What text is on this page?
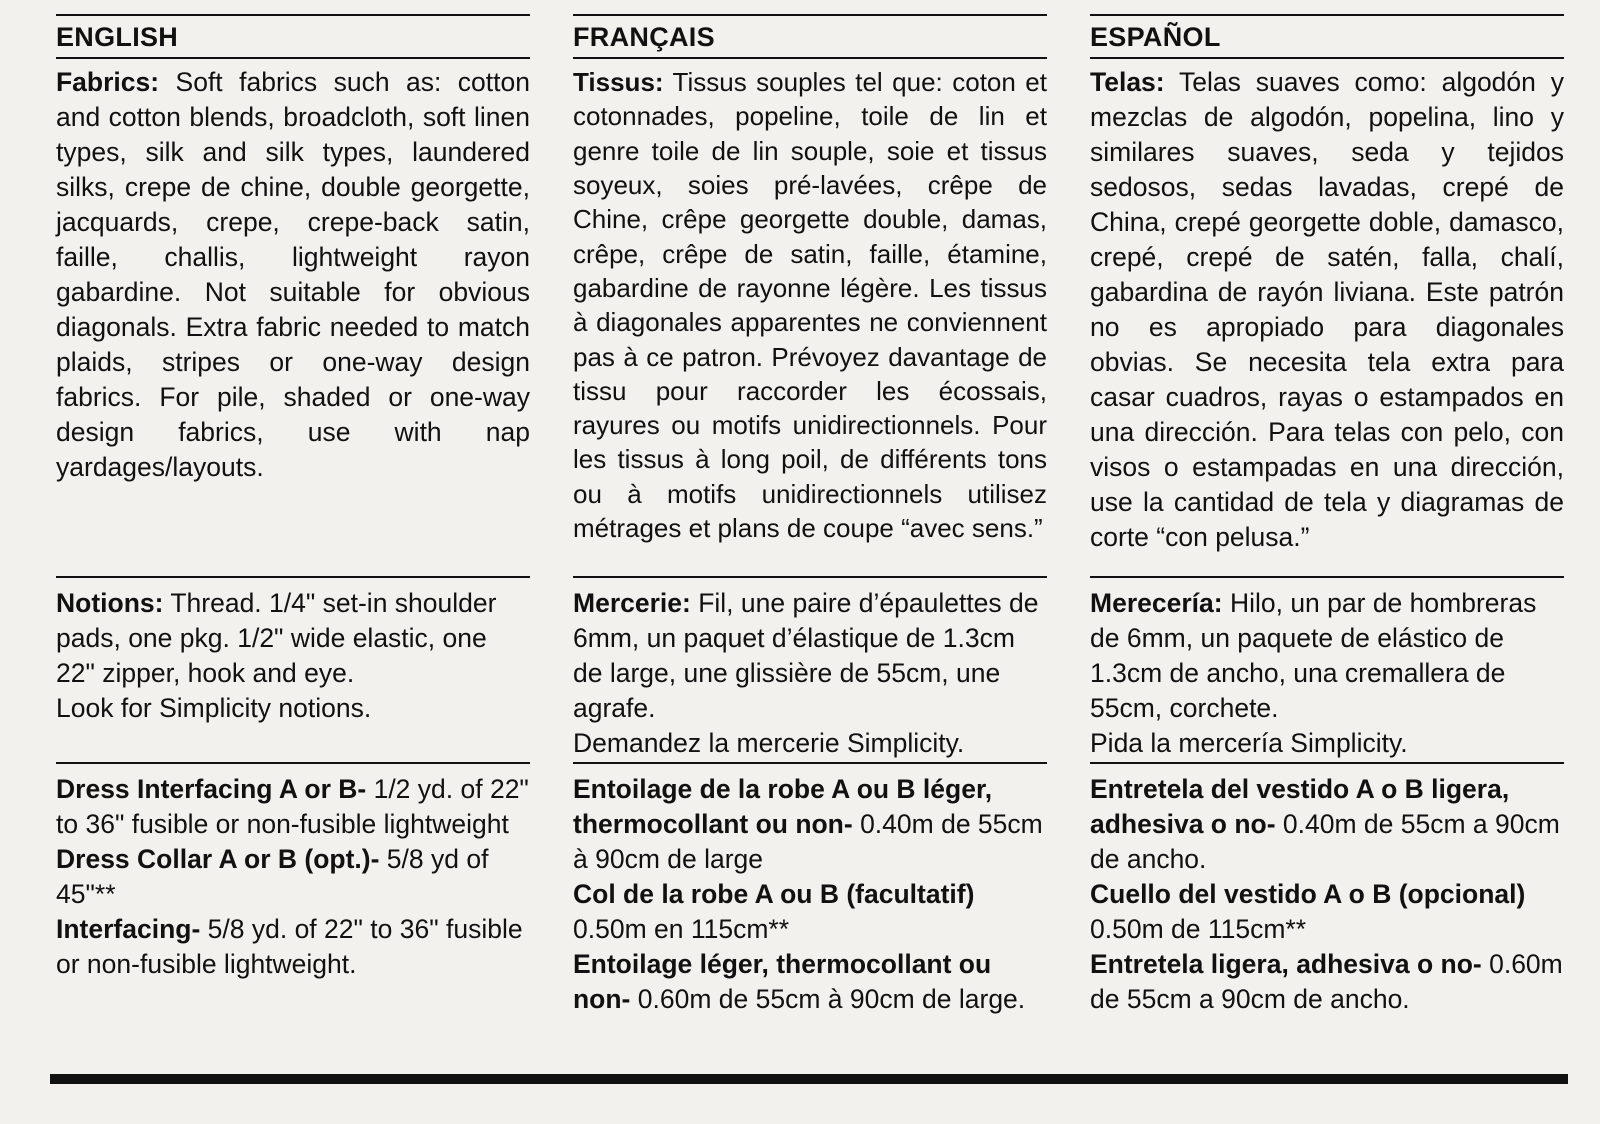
ENGLISH
Fabrics: Soft fabrics such as: cotton and cotton blends, broadcloth, soft linen types, silk and silk types, laundered silks, crepe de chine, double georgette, jacquards, crepe, crepe-back satin, faille, challis, lightweight rayon gabardine. Not suitable for obvious diagonals. Extra fabric needed to match plaids, stripes or one-way design fabrics. For pile, shaded or one-way design fabrics, use with nap yardages/layouts.
Notions: Thread. 1/4" set-in shoulder pads, one pkg. 1/2" wide elastic, one 22" zipper, hook and eye.
Look for Simplicity notions.
Dress Interfacing A or B- 1/2 yd. of 22" to 36" fusible or non-fusible lightweight
Dress Collar A or B (opt.)- 5/8 yd of 45"**
Interfacing- 5/8 yd. of 22" to 36" fusible or non-fusible lightweight.
FRANÇAIS
Tissus: Tissus souples tel que: coton et cotonnades, popeline, toile de lin et genre toile de lin souple, soie et tissus soyeux, soies pré-lavées, crêpe de Chine, crêpe georgette double, damas, crêpe, crêpe de satin, faille, étamine, gabardine de rayonne légère. Les tissus à diagonales apparentes ne conviennent pas à ce patron. Prévoyez davantage de tissu pour raccorder les écossais, rayures ou motifs unidirectionnels. Pour les tissus à long poil, de différents tons ou à motifs unidirectionnels utilisez métrages et plans de coupe “avec sens.”
Mercerie: Fil, une paire d’épaulettes de 6mm, un paquet d’élastique de 1.3cm de large, une glissière de 55cm, une agrafe.
Demandez la mercerie Simplicity.
Entoilage de la robe A ou B léger, thermocollant ou non- 0.40m de 55cm à 90cm de large
Col de la robe A ou B (facultatif)
0.50m en 115cm**
Entoilage léger, thermocollant ou non- 0.60m de 55cm à 90cm de large.
ESPAÑOL
Telas: Telas suaves como: algodón y mezclas de algodón, popelina, lino y similares suaves, seda y tejidos sedosos, sedas lavadas, crepé de China, crepé georgette doble, damasco, crepé, crepé de satén, falla, chalí, gabardina de rayón liviana. Este patrón no es apropiado para diagonales obvias. Se necesita tela extra para casar cuadros, rayas o estampados en una dirección. Para telas con pelo, con visos o estampadas en una dirección, use la cantidad de tela y diagramas de corte “con pelusa.”
Merecería: Hilo, un par de hombreras de 6mm, un paquete de elástico de 1.3cm de ancho, una cremallera de 55cm, corchete.
Pida la mercería Simplicity.
Entretela del vestido A o B ligera, adhesiva o no- 0.40m de 55cm a 90cm de ancho.
Cuello del vestido A o B (opcional)
0.50m de 115cm**
Entretela ligera, adhesiva o no- 0.60m de 55cm a 90cm de ancho.
